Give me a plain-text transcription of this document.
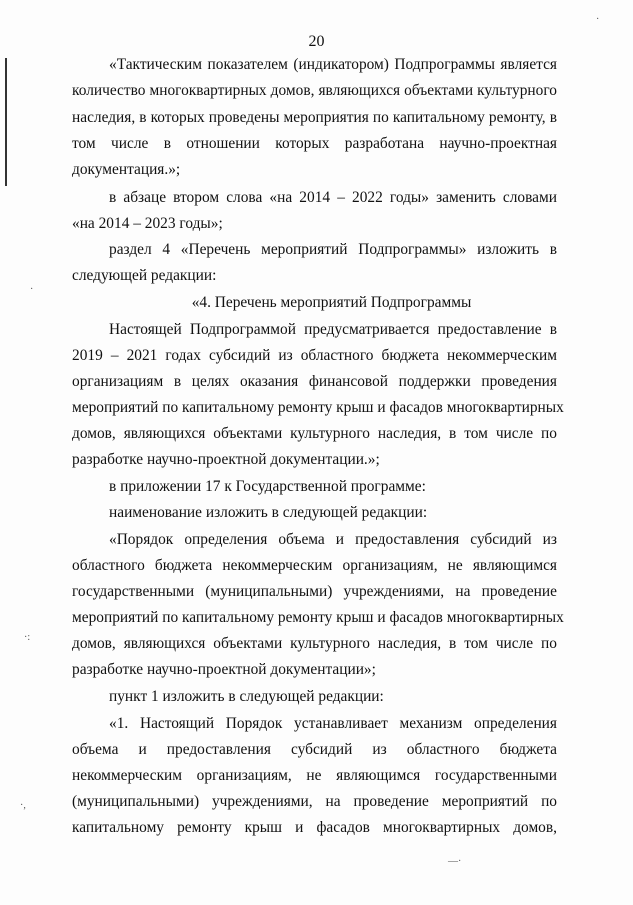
20
«Тактическим показателем (индикатором) Подпрограммы является
количество многоквартирных домов, являющихся объектами культурного
наследия, в которых проведены мероприятия по капитальному ремонту, в
том числе в отношении которых разработана научно-проектная
документация.»;
в абзаце втором слова «на 2014 – 2022 годы» заменить словами
«на 2014 – 2023 годы»;
раздел 4 «Перечень мероприятий Подпрограммы» изложить в
следующей редакции:
«4. Перечень мероприятий Подпрограммы
Настоящей Подпрограммой предусматривается предоставление в
2019 – 2021 годах субсидий из областного бюджета некоммерческим
организациям в целях оказания финансовой поддержки проведения
мероприятий по капитальному ремонту крыш и фасадов многоквартирных
домов, являющихся объектами культурного наследия, в том числе по
разработке научно-проектной документации.»;
в приложении 17 к Государственной программе:
наименование изложить в следующей редакции:
«Порядок определения объема и предоставления субсидий из
областного бюджета некоммерческим организациям, не являющимся
государственными (муниципальными) учреждениями, на проведение
мероприятий по капитальному ремонту крыш и фасадов многоквартирных
домов, являющихся объектами культурного наследия, в том числе по
разработке научно-проектной документации»;
пункт 1 изложить в следующей редакции:
«1. Настоящий Порядок устанавливает механизм определения
объема и предоставления субсидий из областного бюджета
некоммерческим организациям, не являющимся государственными
(муниципальными) учреждениями, на проведение мероприятий по
капитальному ремонту крыш и фасадов многоквартирных домов,
·
·:
·,
·
—·
